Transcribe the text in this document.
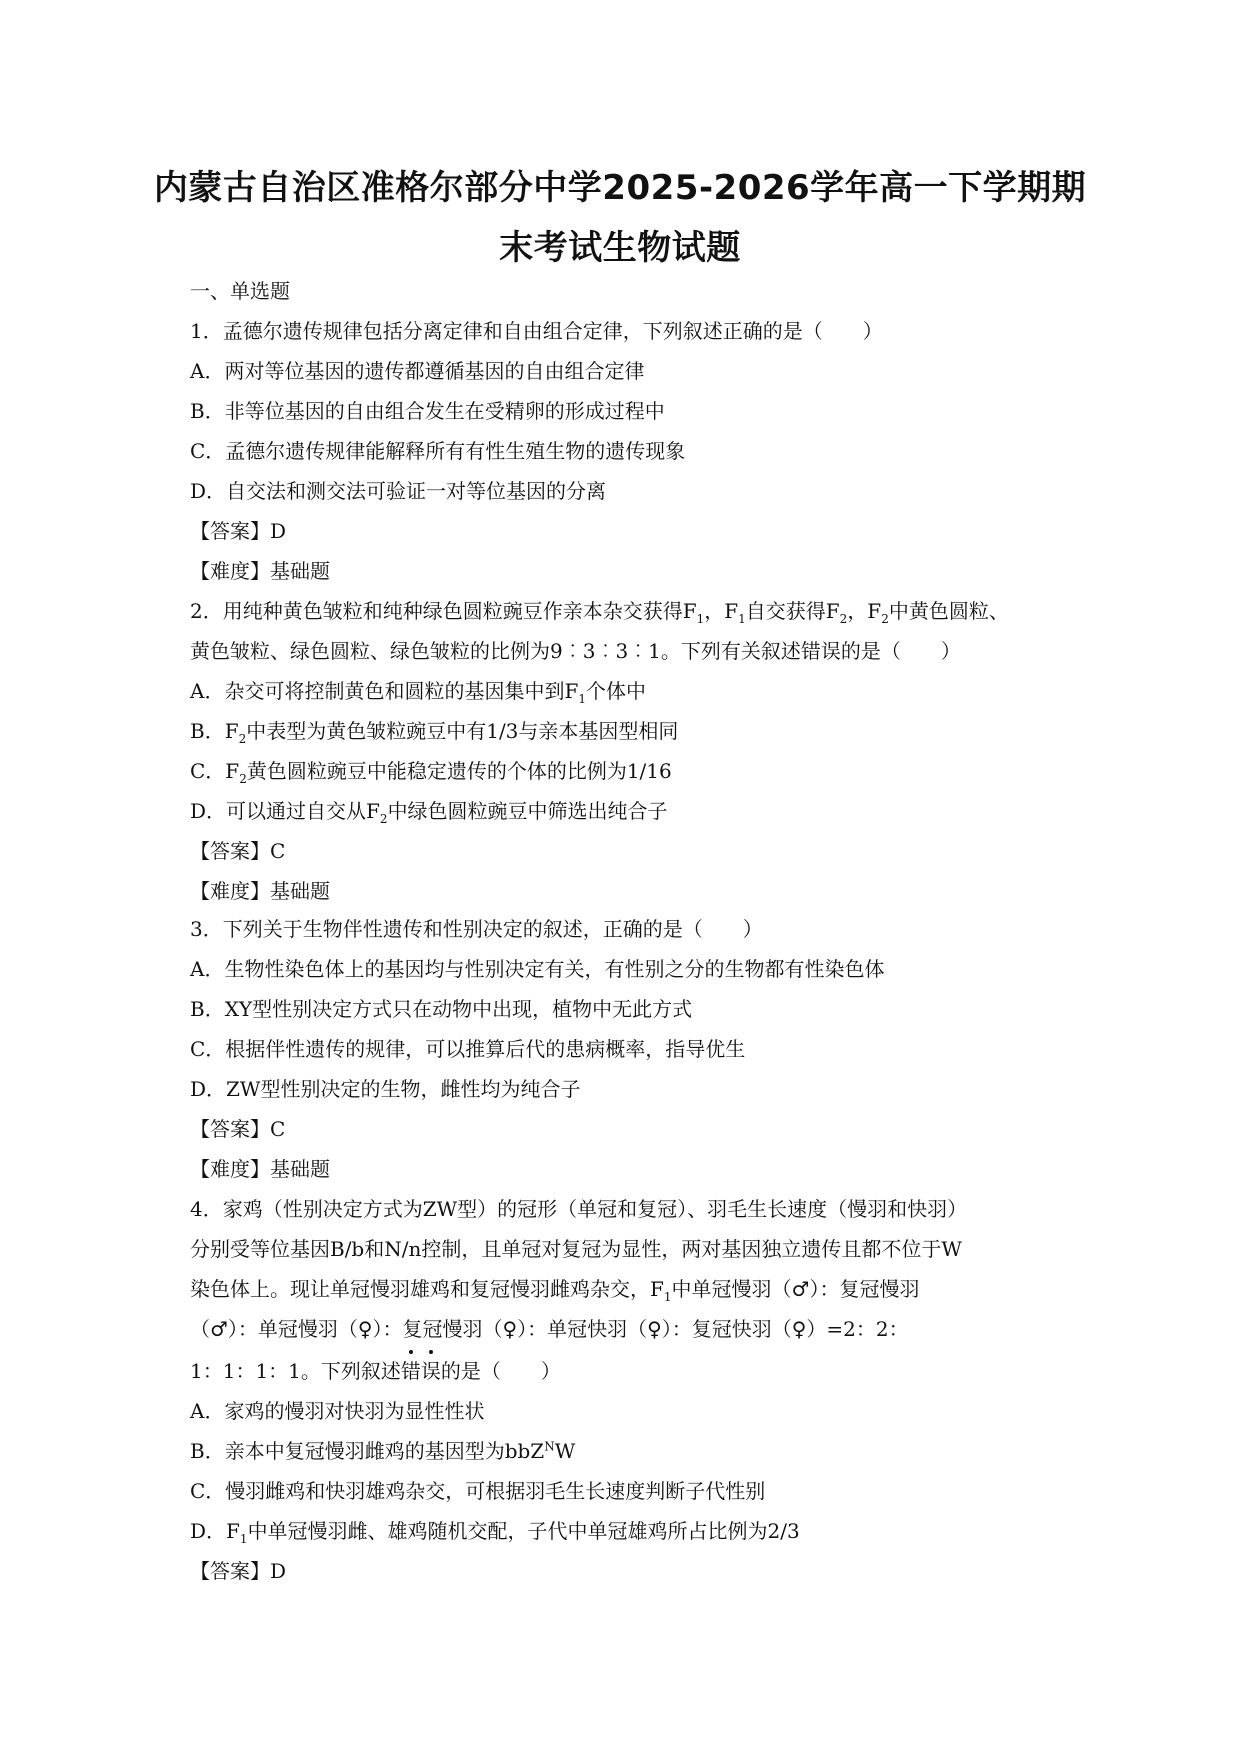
内蒙古自治区准格尔部分中学2025-2026学年高一下学期期
末考试生物试题
一、单选题
1．孟德尔遗传规律包括分离定律和自由组合定律，下列叙述正确的是（　　）
A．两对等位基因的遗传都遵循基因的自由组合定律
B．非等位基因的自由组合发生在受精卵的形成过程中
C．孟德尔遗传规律能解释所有有性生殖生物的遗传现象
D．自交法和测交法可验证一对等位基因的分离
【答案】D
【难度】基础题
2．用纯种黄色皱粒和纯种绿色圆粒豌豆作亲本杂交获得$F_1$，$F_1$自交获得$F_2$，$F_2$中黄色圆粒、
黄色皱粒、绿色圆粒、绿色皱粒的比例为9︰3︰3︰1。下列有关叙述错误的是（　　）
A．杂交可将控制黄色和圆粒的基因集中到$F_1$个体中
B．$F_2$中表型为黄色皱粒豌豆中有1/3与亲本基因型相同
C．$F_2$黄色圆粒豌豆中能稳定遗传的个体的比例为1/16
D．可以通过自交从$F_2$中绿色圆粒豌豆中筛选出纯合子
【答案】C
【难度】基础题
3．下列关于生物伴性遗传和性别决定的叙述，正确的是（　　）
A．生物性染色体上的基因均与性别决定有关，有性别之分的生物都有性染色体
B．XY型性别决定方式只在动物中出现，植物中无此方式
C．根据伴性遗传的规律，可以推算后代的患病概率，指导优生
D．ZW型性别决定的生物，雌性均为纯合子
【答案】C
【难度】基础题
4．家鸡（性别决定方式为ZW型）的冠形（单冠和复冠）、羽毛生长速度（慢羽和快羽）
分别受等位基因B/b和N/n控制，且单冠对复冠为显性，两对基因独立遗传且都不位于W
染色体上。现让单冠慢羽雄鸡和复冠慢羽雌鸡杂交，$F_1$中单冠慢羽（♂）：复冠慢羽
（♂）：单冠慢羽（♀）：复冠慢羽（♀）：单冠快羽（♀）：复冠快羽（♀）=2：2：
1：1：1：1。下列叙述错误的是（　　）
A．家鸡的慢羽对快羽为显性性状
B．亲本中复冠慢羽雌鸡的基因型为bbZ$^N$W
C．慢羽雌鸡和快羽雄鸡杂交，可根据羽毛生长速度判断子代性别
D．$F_1$中单冠慢羽雌、雄鸡随机交配，子代中单冠雄鸡所占比例为2/3
【答案】D
